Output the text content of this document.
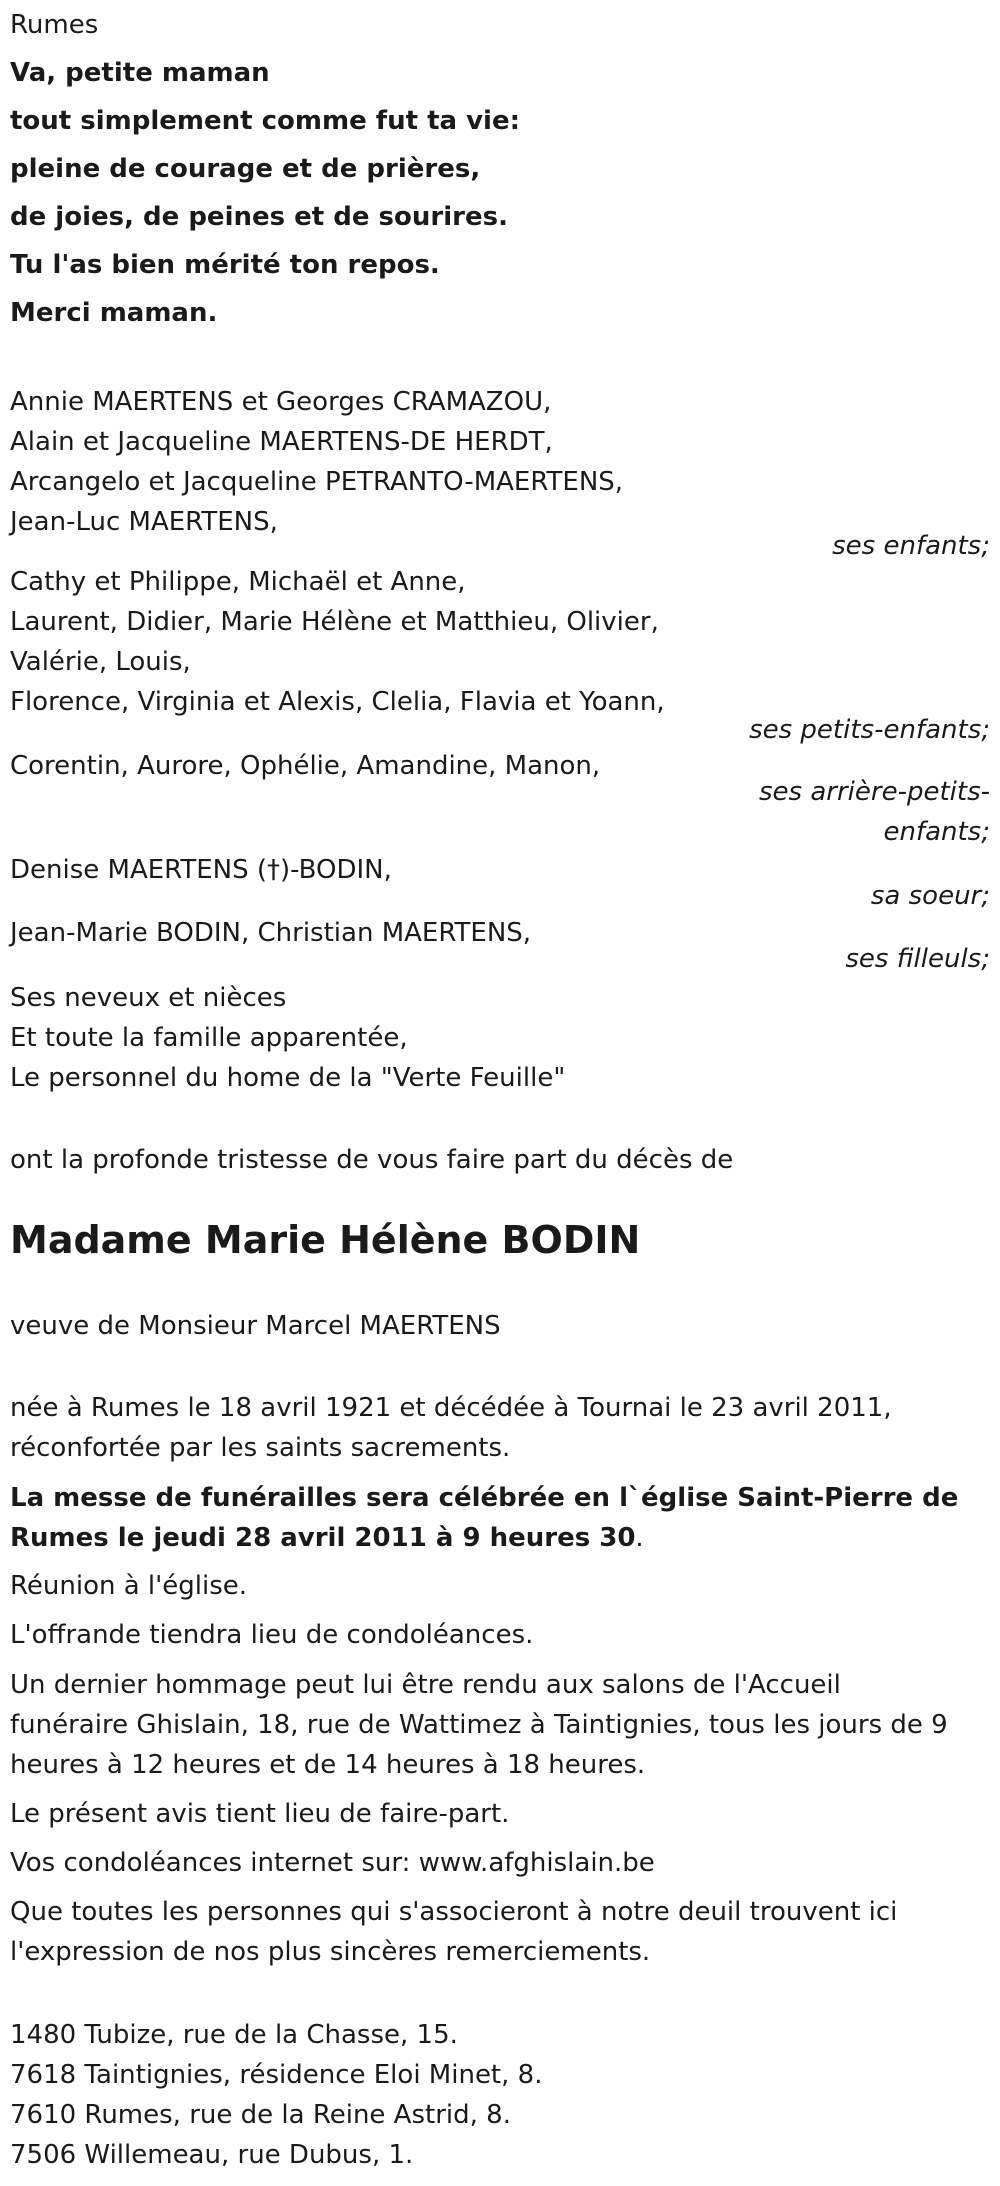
Rumes
Va, petite maman
tout simplement comme fut ta vie:
pleine de courage et de prières,
de joies, de peines et de sourires.
Tu l'as bien mérité ton repos.
Merci maman.
Annie MAERTENS et Georges CRAMAZOU,
Alain et Jacqueline MAERTENS-DE HERDT,
Arcangelo et Jacqueline PETRANTO-MAERTENS,
Jean-Luc MAERTENS,
ses enfants;
Cathy et Philippe, Michaël et Anne,
Laurent, Didier, Marie Hélène et Matthieu, Olivier,
Valérie, Louis,
Florence, Virginia et Alexis, Clelia, Flavia et Yoann,
ses petits-enfants;
Corentin, Aurore, Ophélie, Amandine, Manon,
ses arrière-petits-
enfants;
Denise MAERTENS (†)-BODIN,
sa soeur;
Jean-Marie BODIN, Christian MAERTENS,
ses filleuls;
Ses neveux et nièces
Et toute la famille apparentée,
Le personnel du home de la "Verte Feuille"
ont la profonde tristesse de vous faire part du décès de
Madame Marie Hélène BODIN
veuve de Monsieur Marcel MAERTENS
née à Rumes le 18 avril 1921 et décédée à Tournai le 23 avril 2011,
réconfortée par les saints sacrements.
La messe de funérailles sera célébrée en l`église Saint-Pierre de
Rumes le jeudi 28 avril 2011 à 9 heures 30.
Réunion à l'église.
L'offrande tiendra lieu de condoléances.
Un dernier hommage peut lui être rendu aux salons de l'Accueil
funéraire Ghislain, 18, rue de Wattimez à Taintignies, tous les jours de 9
heures à 12 heures et de 14 heures à 18 heures.
Le présent avis tient lieu de faire-part.
Vos condoléances internet sur: www.afghislain.be
Que toutes les personnes qui s'associeront à notre deuil trouvent ici
l'expression de nos plus sincères remerciements.
1480 Tubize, rue de la Chasse, 15.
7618 Taintignies, résidence Eloi Minet, 8.
7610 Rumes, rue de la Reine Astrid, 8.
7506 Willemeau, rue Dubus, 1.
